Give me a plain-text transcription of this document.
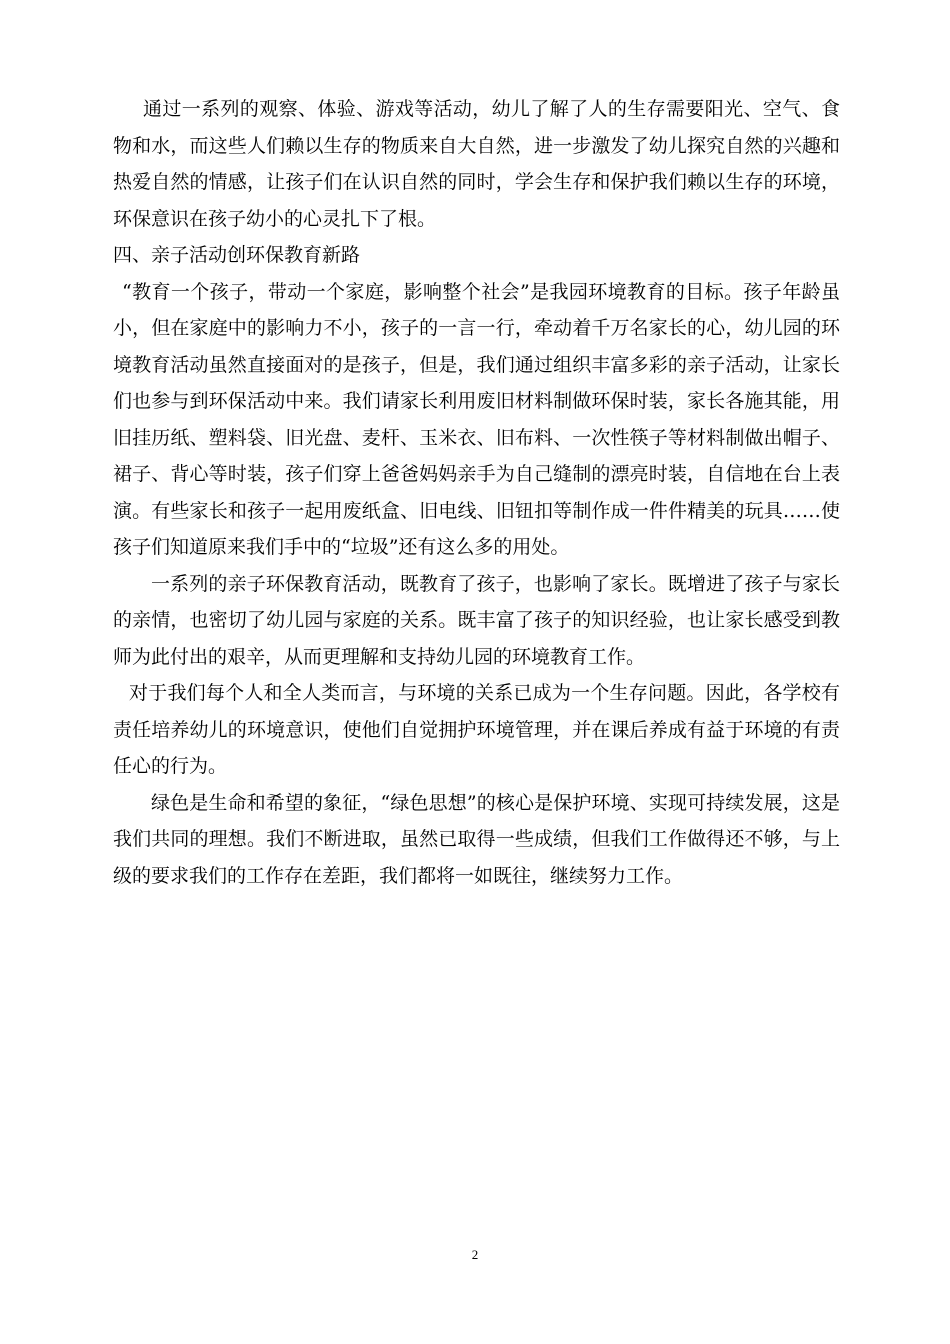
通过一系列的观察、体验、游戏等活动，幼儿了解了人的生存需要阳光、空气、食物和水，而这些人们赖以生存的物质来自大自然，进一步激发了幼儿探究自然的兴趣和热爱自然的情感，让孩子们在认识自然的同时，学会生存和保护我们赖以生存的环境，环保意识在孩子幼小的心灵扎下了根。

四、亲子活动创环保教育新路

“教育一个孩子，带动一个家庭，影响整个社会”是我园环境教育的目标。孩子年龄虽小，但在家庭中的影响力不小，孩子的一言一行，牵动着千万名家长的心，幼儿园的环境教育活动虽然直接面对的是孩子，但是，我们通过组织丰富多彩的亲子活动，让家长们也参与到环保活动中来。我们请家长利用废旧材料制做环保时装，家长各施其能，用旧挂历纸、塑料袋、旧光盘、麦杆、玉米衣、旧布料、一次性筷子等材料制做出帽子、裙子、背心等时装，孩子们穿上爸爸妈妈亲手为自己缝制的漂亮时装，自信地在台上表演。有些家长和孩子一起用废纸盒、旧电线、旧钮扣等制作成一件件精美的玩具……使孩子们知道原来我们手中的“垃圾”还有这么多的用处。

一系列的亲子环保教育活动，既教育了孩子，也影响了家长。既增进了孩子与家长的亲情，也密切了幼儿园与家庭的关系。既丰富了孩子的知识经验，也让家长感受到教师为此付出的艰辛，从而更理解和支持幼儿园的环境教育工作。

对于我们每个人和全人类而言，与环境的关系已成为一个生存问题。因此，各学校有责任培养幼儿的环境意识，使他们自觉拥护环境管理，并在课后养成有益于环境的有责任心的行为。

绿色是生命和希望的象征，“绿色思想”的核心是保护环境、实现可持续发展，这是我们共同的理想。我们不断进取，虽然已取得一些成绩，但我们工作做得还不够，与上级的要求我们的工作存在差距，我们都将一如既往，继续努力工作。

2
